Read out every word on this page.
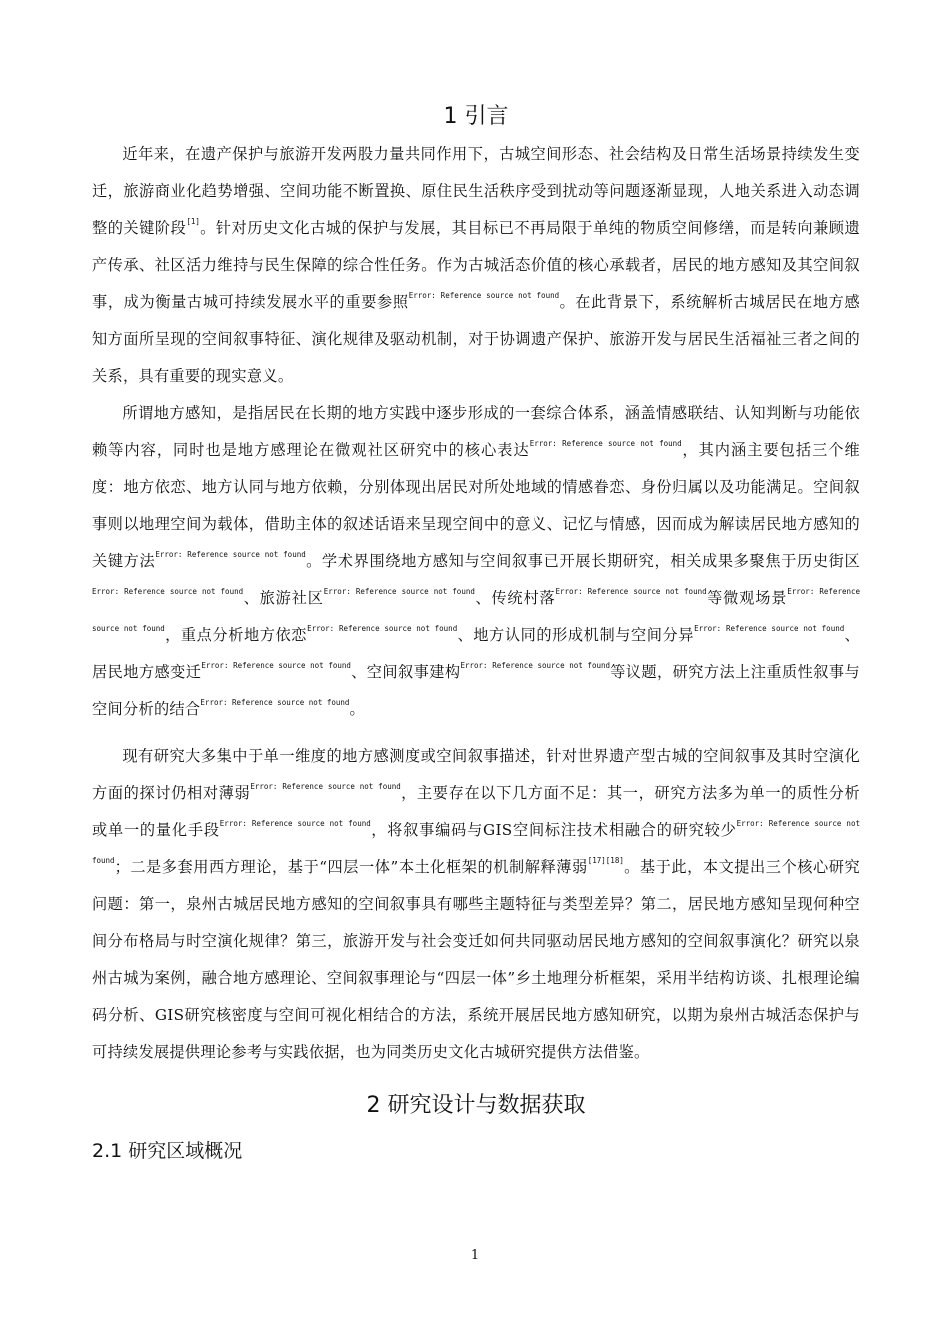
1 引言

近年来，在遗产保护与旅游开发两股力量共同作用下，古城空间形态、社会结构及日常生活场景持续发生变迁，旅游商业化趋势增强、空间功能不断置换、原住民生活秩序受到扰动等问题逐渐显现，人地关系进入动态调整的关键阶段[1]。针对历史文化古城的保护与发展，其目标已不再局限于单纯的物质空间修缮，而是转向兼顾遗产传承、社区活力维持与民生保障的综合性任务。作为古城活态价值的核心承载者，居民的地方感知及其空间叙事，成为衡量古城可持续发展水平的重要参照$^{Error: Reference source not found}$。在此背景下，系统解析古城居民在地方感知方面所呈现的空间叙事特征、演化规律及驱动机制，对于协调遗产保护、旅游开发与居民生活福祉三者之间的关系，具有重要的现实意义。

所谓地方感知，是指居民在长期的地方实践中逐步形成的一套综合体系，涵盖情感联结、认知判断与功能依赖等内容，同时也是地方感理论在微观社区研究中的核心表达$^{Error: Reference source not found}$，其内涵主要包括三个维度：地方依恋、地方认同与地方依赖，分别体现出居民对所处地域的情感眷恋、身份归属以及功能满足。空间叙事则以地理空间为载体，借助主体的叙述话语来呈现空间中的意义、记忆与情感，因而成为解读居民地方感知的关键方法$^{Error: Reference source not found}$。学术界围绕地方感知与空间叙事已开展长期研究，相关成果多聚焦于历史街区$^{Error: Reference source not found}$、旅游社区$^{Error: Reference source not found}$、传统村落$^{Error: Reference source not found}$等微观场景$^{Error: Reference source not found}$，重点分析地方依恋$^{Error: Reference source not found}$、地方认同的形成机制与空间分异$^{Error: Reference source not found}$、居民地方感变迁$^{Error: Reference source not found}$、空间叙事建构$^{Error: Reference source not found}$等议题，研究方法上注重质性叙事与空间分析的结合$^{Error: Reference source not found}$。

现有研究大多集中于单一维度的地方感测度或空间叙事描述，针对世界遗产型古城的空间叙事及其时空演化方面的探讨仍相对薄弱$^{Error: Reference source not found}$，主要存在以下几方面不足：其一，研究方法多为单一的质性分析或单一的量化手段$^{Error: Reference source not found}$，将叙事编码与GIS空间标注技术相融合的研究较少$^{Error: Reference source not found}$；二是多套用西方理论，基于“四层一体”本土化框架的机制解释薄弱[17][18]。基于此，本文提出三个核心研究问题：第一，泉州古城居民地方感知的空间叙事具有哪些主题特征与类型差异？第二，居民地方感知呈现何种空间分布格局与时空演化规律？第三，旅游开发与社会变迁如何共同驱动居民地方感知的空间叙事演化？研究以泉州古城为案例，融合地方感理论、空间叙事理论与“四层一体”乡土地理分析框架，采用半结构访谈、扎根理论编码分析、GIS研究核密度与空间可视化相结合的方法，系统开展居民地方感知研究，以期为泉州古城活态保护与可持续发展提供理论参考与实践依据，也为同类历史文化古城研究提供方法借鉴。

2 研究设计与数据获取
2.1 研究区域概况
1
